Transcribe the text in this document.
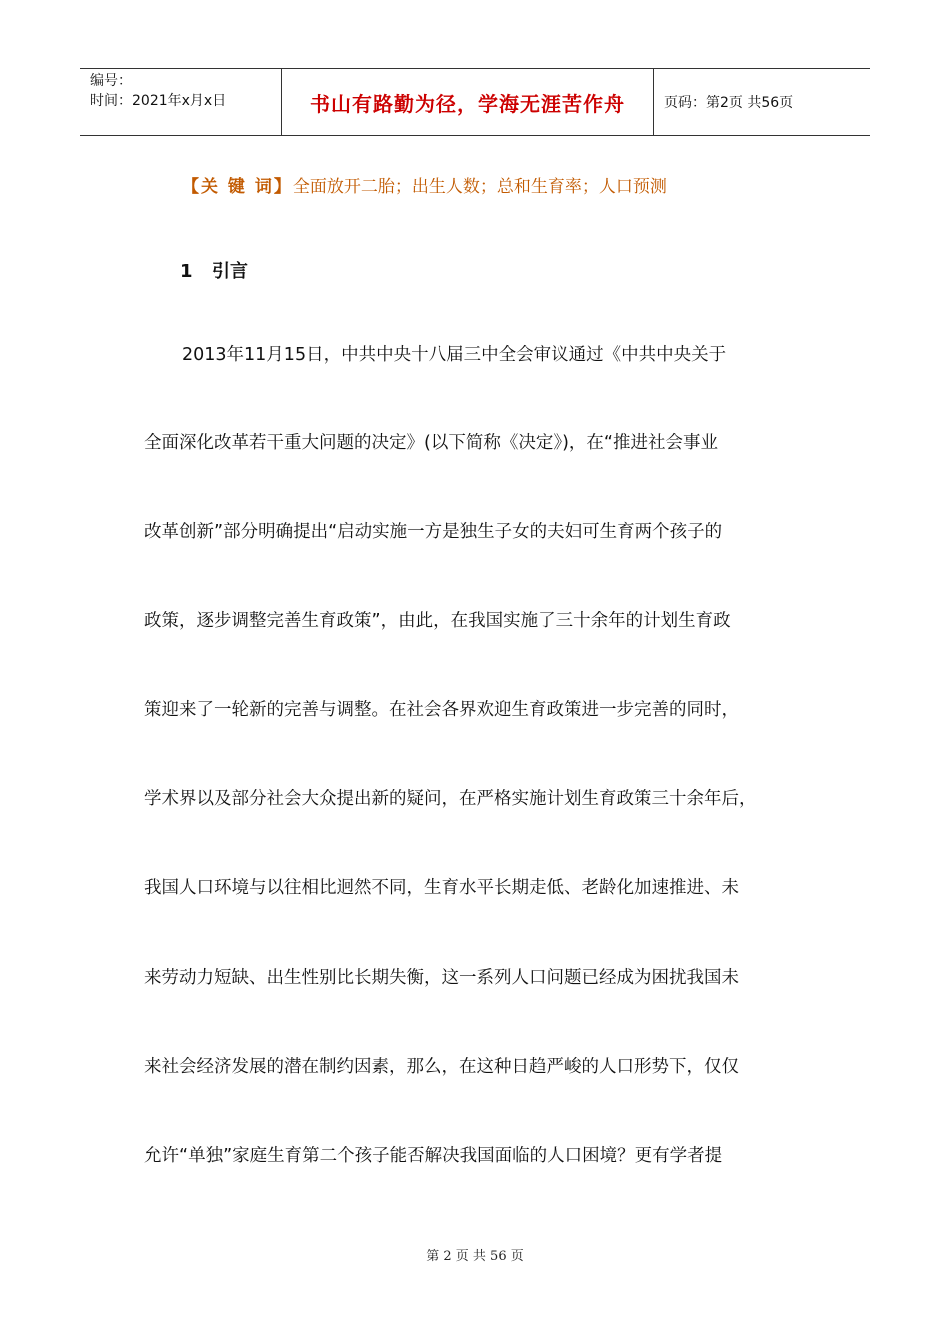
编号：
时间：2021年x月x日	书山有路勤为径，学海无涯苦作舟	页码：第2页 共56页
【关 键 词】全面放开二胎；出生人数；总和生育率；人口预测
1 引言
2013年11月15日，中共中央十八届三中全会审议通过《中共中央关于
全面深化改革若干重大问题的决定》(以下简称《决定》)，在“推进社会事业
改革创新”部分明确提出“启动实施一方是独生子女的夫妇可生育两个孩子的
政策，逐步调整完善生育政策”，由此，在我国实施了三十余年的计划生育政
策迎来了一轮新的完善与调整。在社会各界欢迎生育政策进一步完善的同时，
学术界以及部分社会大众提出新的疑问，在严格实施计划生育政策三十余年后，
我国人口环境与以往相比迥然不同，生育水平长期走低、老龄化加速推进、未
来劳动力短缺、出生性别比长期失衡，这一系列人口问题已经成为困扰我国未
来社会经济发展的潜在制约因素，那么，在这种日趋严峻的人口形势下，仅仅
允许“单独”家庭生育第二个孩子能否解决我国面临的人口困境？更有学者提
第 2 页 共 56 页
